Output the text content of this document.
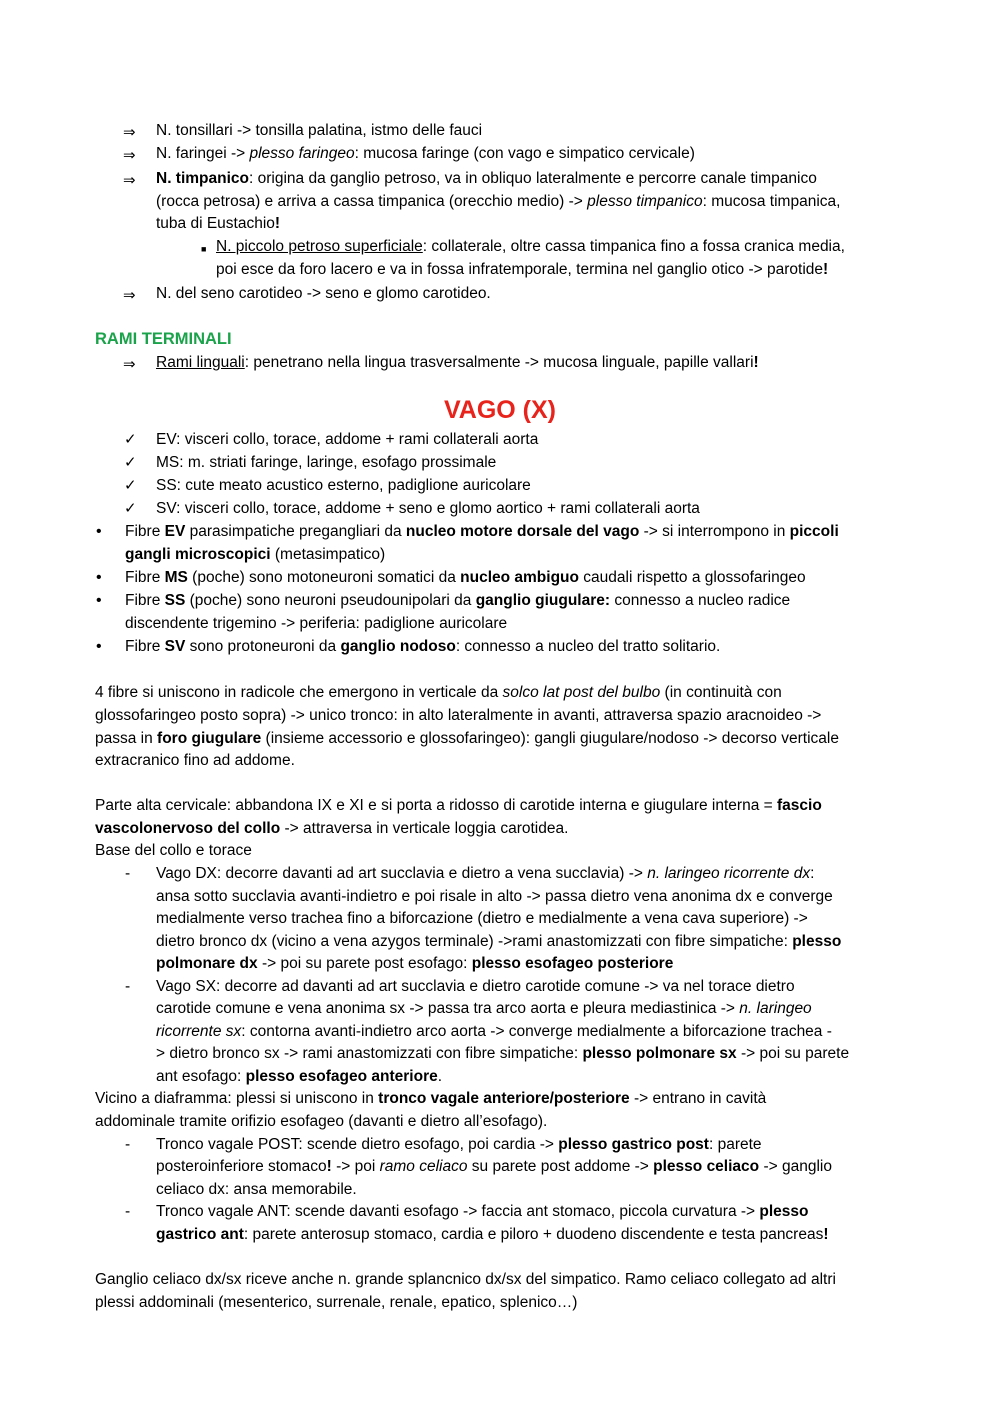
⇒ N. tonsillari -> tonsilla palatina, istmo delle fauci
⇒ N. faringei -> plesso faringeo: mucosa faringe (con vago e simpatico cervicale)
⇒ N. timpanico: origina da ganglio petroso, va in obliquo lateralmente e percorre canale timpanico
(rocca petrosa) e arriva a cassa timpanica (orecchio medio) -> plesso timpanico: mucosa timpanica,
tuba di Eustachio!
■ N. piccolo petroso superficiale: collaterale, oltre cassa timpanica fino a fossa cranica media,
poi esce da foro lacero e va in fossa infratemporale, termina nel ganglio otico -> parotide!
⇒ N. del seno carotideo -> seno e glomo carotideo.
RAMI TERMINALI
⇒ Rami linguali: penetrano nella lingua trasversalmente -> mucosa linguale, papille vallari!
VAGO (X)
✓ EV: visceri collo, torace, addome + rami collaterali aorta
✓ MS: m. striati faringe, laringe, esofago prossimale
✓ SS: cute meato acustico esterno, padiglione auricolare
✓ SV: visceri collo, torace, addome + seno e glomo aortico + rami collaterali aorta
• Fibre EV parasimpatiche pregangliari da nucleo motore dorsale del vago -> si interrompono in piccoli
gangli microscopici (metasimpatico)
• Fibre MS (poche) sono motoneuroni somatici da nucleo ambiguo caudali rispetto a glossofaringeo
• Fibre SS (poche) sono neuroni pseudounipolari da ganglio giugulare: connesso a nucleo radice
discendente trigemino -> periferia: padiglione auricolare
• Fibre SV sono protoneuroni da ganglio nodoso: connesso a nucleo del tratto solitario.
4 fibre si uniscono in radicole che emergono in verticale da solco lat post del bulbo (in continuità con
glossofaringeo posto sopra) -> unico tronco: in alto lateralmente in avanti, attraversa spazio aracnoideo ->
passa in foro giugulare (insieme accessorio e glossofaringeo): gangli giugulare/nodoso -> decorso verticale
extracranico fino ad addome.
Parte alta cervicale: abbandona IX e XI e si porta a ridosso di carotide interna e giugulare interna = fascio
vascolonervoso del collo -> attraversa in verticale loggia carotidea.
Base del collo e torace
- Vago DX: decorre davanti ad art succlavia e dietro a vena succlavia) -> n. laringeo ricorrente dx:
ansa sotto succlavia avanti-indietro e poi risale in alto -> passa dietro vena anonima dx e converge
medialmente verso trachea fino a biforcazione (dietro e medialmente a vena cava superiore) ->
dietro bronco dx (vicino a vena azygos terminale) ->rami anastomizzati con fibre simpatiche: plesso
polmonare dx -> poi su parete post esofago: plesso esofageo posteriore
- Vago SX: decorre ad davanti ad art succlavia e dietro carotide comune -> va nel torace dietro
carotide comune e vena anonima sx -> passa tra arco aorta e pleura mediastinica -> n. laringeo
ricorrente sx: contorna avanti-indietro arco aorta -> converge medialmente a biforcazione trachea -
> dietro bronco sx -> rami anastomizzati con fibre simpatiche: plesso polmonare sx -> poi su parete
ant esofago: plesso esofageo anteriore.
Vicino a diaframma: plessi si uniscono in tronco vagale anteriore/posteriore -> entrano in cavità
addominale tramite orifizio esofageo (davanti e dietro all’esofago).
- Tronco vagale POST: scende dietro esofago, poi cardia -> plesso gastrico post: parete
posteroinferiore stomaco! -> poi ramo celiaco su parete post addome -> plesso celiaco -> ganglio
celiaco dx: ansa memorabile.
- Tronco vagale ANT: scende davanti esofago -> faccia ant stomaco, piccola curvatura -> plesso
gastrico ant: parete anterosup stomaco, cardia e piloro + duodeno discendente e testa pancreas!
Ganglio celiaco dx/sx riceve anche n. grande splancnico dx/sx del simpatico. Ramo celiaco collegato ad altri
plessi addominali (mesenterico, surrenale, renale, epatico, splenico…)
